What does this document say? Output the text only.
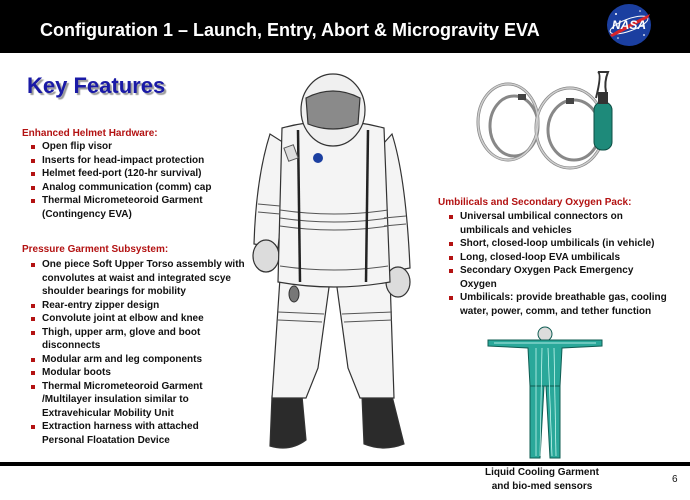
Configuration 1 – Launch, Entry, Abort & Microgravity EVA	NASA
Key Features
Enhanced Helmet Hardware:
Open flip visor
Inserts for head-impact protection
Helmet feed-port (120-hr survival)
Analog communication (comm) cap
Thermal Micrometeoroid Garment (Contingency EVA)
Pressure Garment Subsystem:
One piece Soft Upper Torso assembly with convolutes at waist and integrated scye shoulder bearings for mobility
Rear-entry zipper design
Convolute joint at elbow and knee
Thigh, upper arm, glove and boot disconnects
Modular arm and leg components
Modular boots
Thermal Micrometeoroid Garment /Multilayer insulation similar to Extravehicular Mobility Unit
Extraction harness with attached Personal Floatation Device
Umbilicals and Secondary Oxygen Pack:
Universal umbilical connectors on umbilicals and vehicles
Short, closed-loop umbilicals (in vehicle)
Long, closed-loop EVA umbilicals
Secondary Oxygen Pack Emergency Oxygen
Umbilicals: provide breathable gas, cooling water, power, comm, and tether function
Liquid Cooling Garment
and bio-med sensors
6
